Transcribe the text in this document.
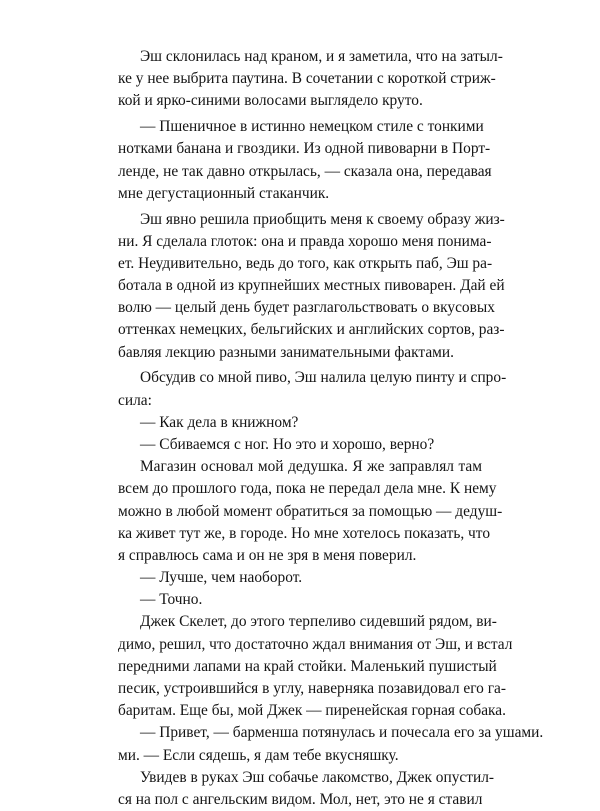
Эш склонилась над краном, и я заметила, что на затыл-
ке у нее выбрита паутина. В сочетании с короткой стриж-
кой и ярко-синими волосами выглядело круто.

— Пшеничное в истинно немецком стиле с тонкими
нотками банана и гвоздики. Из одной пивоварни в Порт-
ленде, не так давно открылась, — сказала она, передавая
мне дегустационный стаканчик.

Эш явно решила приобщить меня к своему образу жиз-
ни. Я сделала глоток: она и правда хорошо меня понима-
ет. Неудивительно, ведь до того, как открыть паб, Эш ра-
ботала в одной из крупнейших местных пивоварен. Дай ей
волю — целый день будет разглагольствовать о вкусовых
оттенках немецких, бельгийских и английских сортов, раз-
бавляя лекцию разными занимательными фактами.

Обсудив со мной пиво, Эш налила целую пинту и спро-
сила:

— Как дела в книжном?

— Сбиваемся с ног. Но это и хорошо, верно?

Магазин основал мой дедушка. Я же заправлял там
всем до прошлого года, пока не передал дела мне. К нему
можно в любой момент обратиться за помощью — дедуш-
ка живет тут же, в городе. Но мне хотелось показать, что
я справлюсь сама и он не зря в меня поверил.

— Лучше, чем наоборот.

— Точно.

Джек Скелет, до этого терпеливо сидевший рядом, ви-
димо, решил, что достаточно ждал внимания от Эш, и встал
передними лапами на край стойки. Маленький пушистый
песик, устроившийся в углу, наверняка позавидовал его га-
баритам. Еще бы, мой Джек — пиренейская горная собака.

— Привет, — барменша потянулась и почесала его за ушами.
ми. — Если сядешь, я дам тебе вкусняшку.

Увидев в руках Эш собачье лакомство, Джек опустил-
ся на пол с ангельским видом. Мол, нет, это не я ставил
